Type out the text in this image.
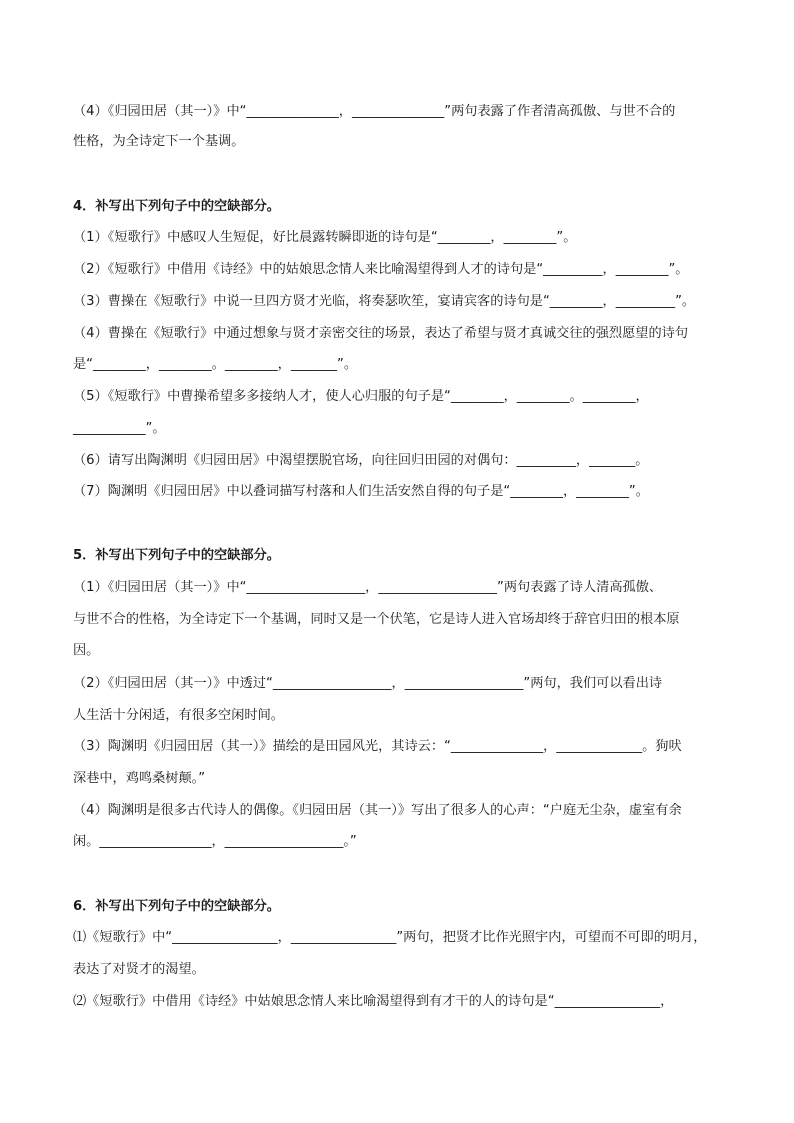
（4）《归园田居（其一）》中“______________，______________”两句表露了作者清高孤傲、与世不合的
性格，为全诗定下一个基调。
4．补写出下列句子中的空缺部分。
（1）《短歌行》中感叹人生短促，好比晨露转瞬即逝的诗句是“________，________”。
（2）《短歌行》中借用《诗经》中的姑娘思念情人来比喻渴望得到人才的诗句是“_________，________”。
（3）曹操在《短歌行》中说一旦四方贤才光临，将奏瑟吹笙，宴请宾客的诗句是“________，_________”。
（4）曹操在《短歌行》中通过想象与贤才亲密交往的场景，表达了希望与贤才真诚交往的强烈愿望的诗句
是“________，________。________，_______”。
（5）《短歌行》中曹操希望多多接纳人才，使人心归服的句子是“________，________。________，
___________”。
（6）请写出陶渊明《归园田居》中渴望摆脱官场，向往回归田园的对偶句：_________，_______。
（7）陶渊明《归园田居》中以叠词描写村落和人们生活安然自得的句子是“________，________”。
5．补写出下列句子中的空缺部分。
（1）《归园田居（其一）》中“__________________，__________________”两句表露了诗人清高孤傲、
与世不合的性格，为全诗定下一个基调，同时又是一个伏笔，它是诗人进入官场却终于辞官归田的根本原
因。
（2）《归园田居（其一）》中透过“__________________，__________________”两句，我们可以看出诗
人生活十分闲适，有很多空闲时间。
（3）陶渊明《归园田居（其一）》描绘的是田园风光，其诗云：“______________，_____________。狗吠
深巷中，鸡鸣桑树颠。”
（4）陶渊明是很多古代诗人的偶像。《归园田居（其一）》写出了很多人的心声：“户庭无尘杂，虚室有余
闲。_________________，__________________。”
6．补写出下列句子中的空缺部分。
⑴《短歌行》中“________________，________________”两句，把贤才比作光照宇内，可望而不可即的明月，
表达了对贤才的渴望。
⑵《短歌行》中借用《诗经》中姑娘思念情人来比喻渴望得到有才干的人的诗句是“________________，
